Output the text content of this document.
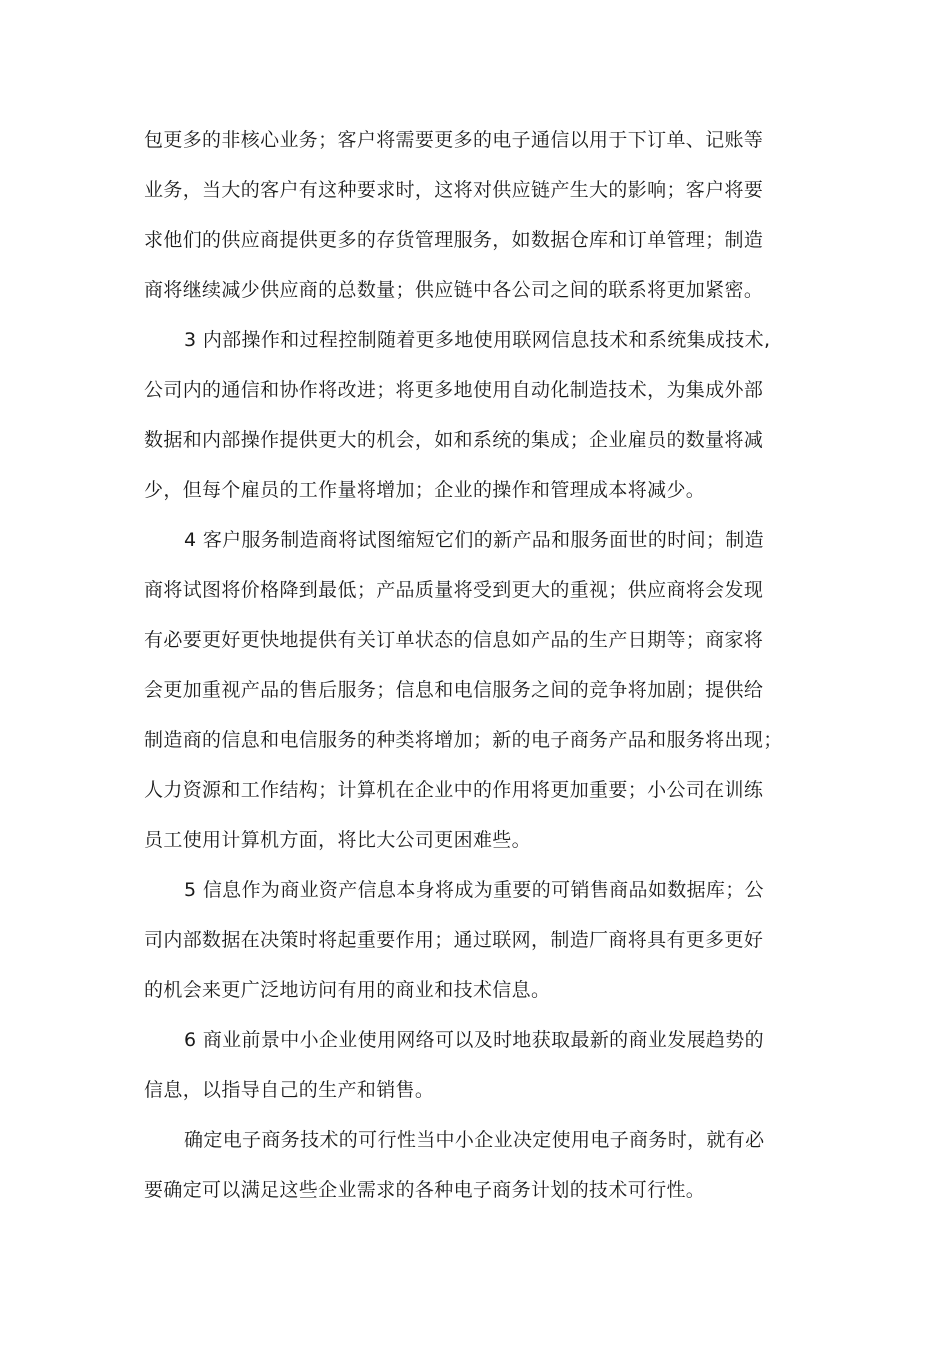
包更多的非核心业务；客户将需要更多的电子通信以用于下订单、记账等
业务，当大的客户有这种要求时，这将对供应链产生大的影响；客户将要
求他们的供应商提供更多的存货管理服务，如数据仓库和订单管理；制造
商将继续减少供应商的总数量；供应链中各公司之间的联系将更加紧密。
3 内部操作和过程控制随着更多地使用联网信息技术和系统集成技术,
公司内的通信和协作将改进；将更多地使用自动化制造技术，为集成外部
数据和内部操作提供更大的机会，如和系统的集成；企业雇员的数量将减
少，但每个雇员的工作量将增加；企业的操作和管理成本将减少。
4 客户服务制造商将试图缩短它们的新产品和服务面世的时间；制造
商将试图将价格降到最低；产品质量将受到更大的重视；供应商将会发现
有必要更好更快地提供有关订单状态的信息如产品的生产日期等；商家将
会更加重视产品的售后服务；信息和电信服务之间的竞争将加剧；提供给
制造商的信息和电信服务的种类将增加；新的电子商务产品和服务将出现；
人力资源和工作结构；计算机在企业中的作用将更加重要；小公司在训练
员工使用计算机方面，将比大公司更困难些。
5 信息作为商业资产信息本身将成为重要的可销售商品如数据库；公
司内部数据在决策时将起重要作用；通过联网，制造厂商将具有更多更好
的机会来更广泛地访问有用的商业和技术信息。
6 商业前景中小企业使用网络可以及时地获取最新的商业发展趋势的
信息，以指导自己的生产和销售。
确定电子商务技术的可行性当中小企业决定使用电子商务时，就有必
要确定可以满足这些企业需求的各种电子商务计划的技术可行性。
